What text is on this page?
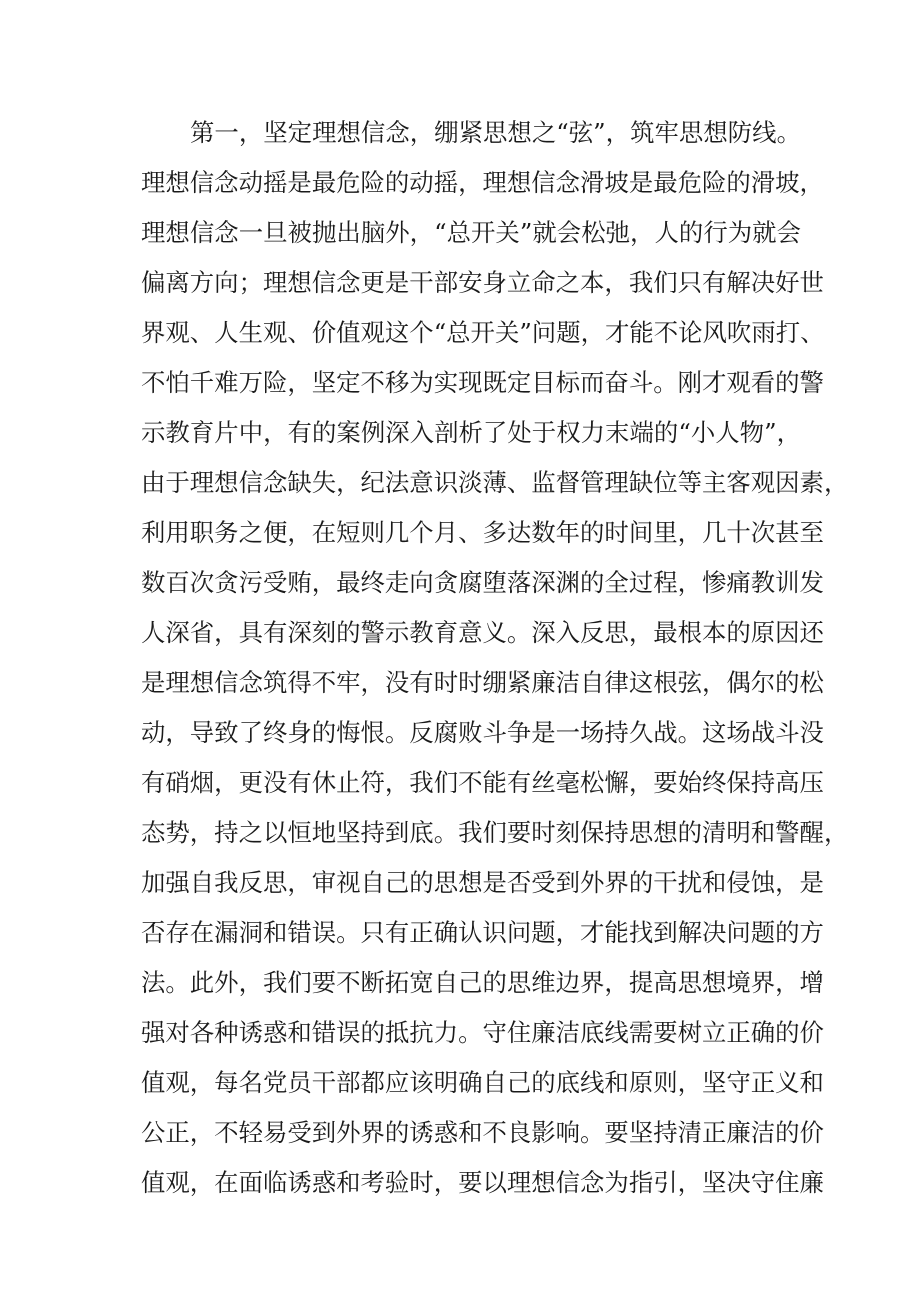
第一，坚定理想信念，绷紧思想之“弦”，筑牢思想防线。
理想信念动摇是最危险的动摇，理想信念滑坡是最危险的滑坡，
理想信念一旦被抛出脑外，“总开关”就会松弛，人的行为就会
偏离方向；理想信念更是干部安身立命之本，我们只有解决好世
界观、人生观、价值观这个“总开关”问题，才能不论风吹雨打、
不怕千难万险，坚定不移为实现既定目标而奋斗。刚才观看的警
示教育片中，有的案例深入剖析了处于权力末端的“小人物”，
由于理想信念缺失，纪法意识淡薄、监督管理缺位等主客观因素，
利用职务之便，在短则几个月、多达数年的时间里，几十次甚至
数百次贪污受贿，最终走向贪腐堕落深渊的全过程，惨痛教训发
人深省，具有深刻的警示教育意义。深入反思，最根本的原因还
是理想信念筑得不牢，没有时时绷紧廉洁自律这根弦，偶尔的松
动，导致了终身的悔恨。反腐败斗争是一场持久战。这场战斗没
有硝烟，更没有休止符，我们不能有丝毫松懈，要始终保持高压
态势，持之以恒地坚持到底。我们要时刻保持思想的清明和警醒，
加强自我反思，审视自己的思想是否受到外界的干扰和侵蚀，是
否存在漏洞和错误。只有正确认识问题，才能找到解决问题的方
法。此外，我们要不断拓宽自己的思维边界，提高思想境界，增
强对各种诱惑和错误的抵抗力。守住廉洁底线需要树立正确的价
值观，每名党员干部都应该明确自己的底线和原则，坚守正义和
公正，不轻易受到外界的诱惑和不良影响。要坚持清正廉洁的价
值观，在面临诱惑和考验时，要以理想信念为指引，坚决守住廉
